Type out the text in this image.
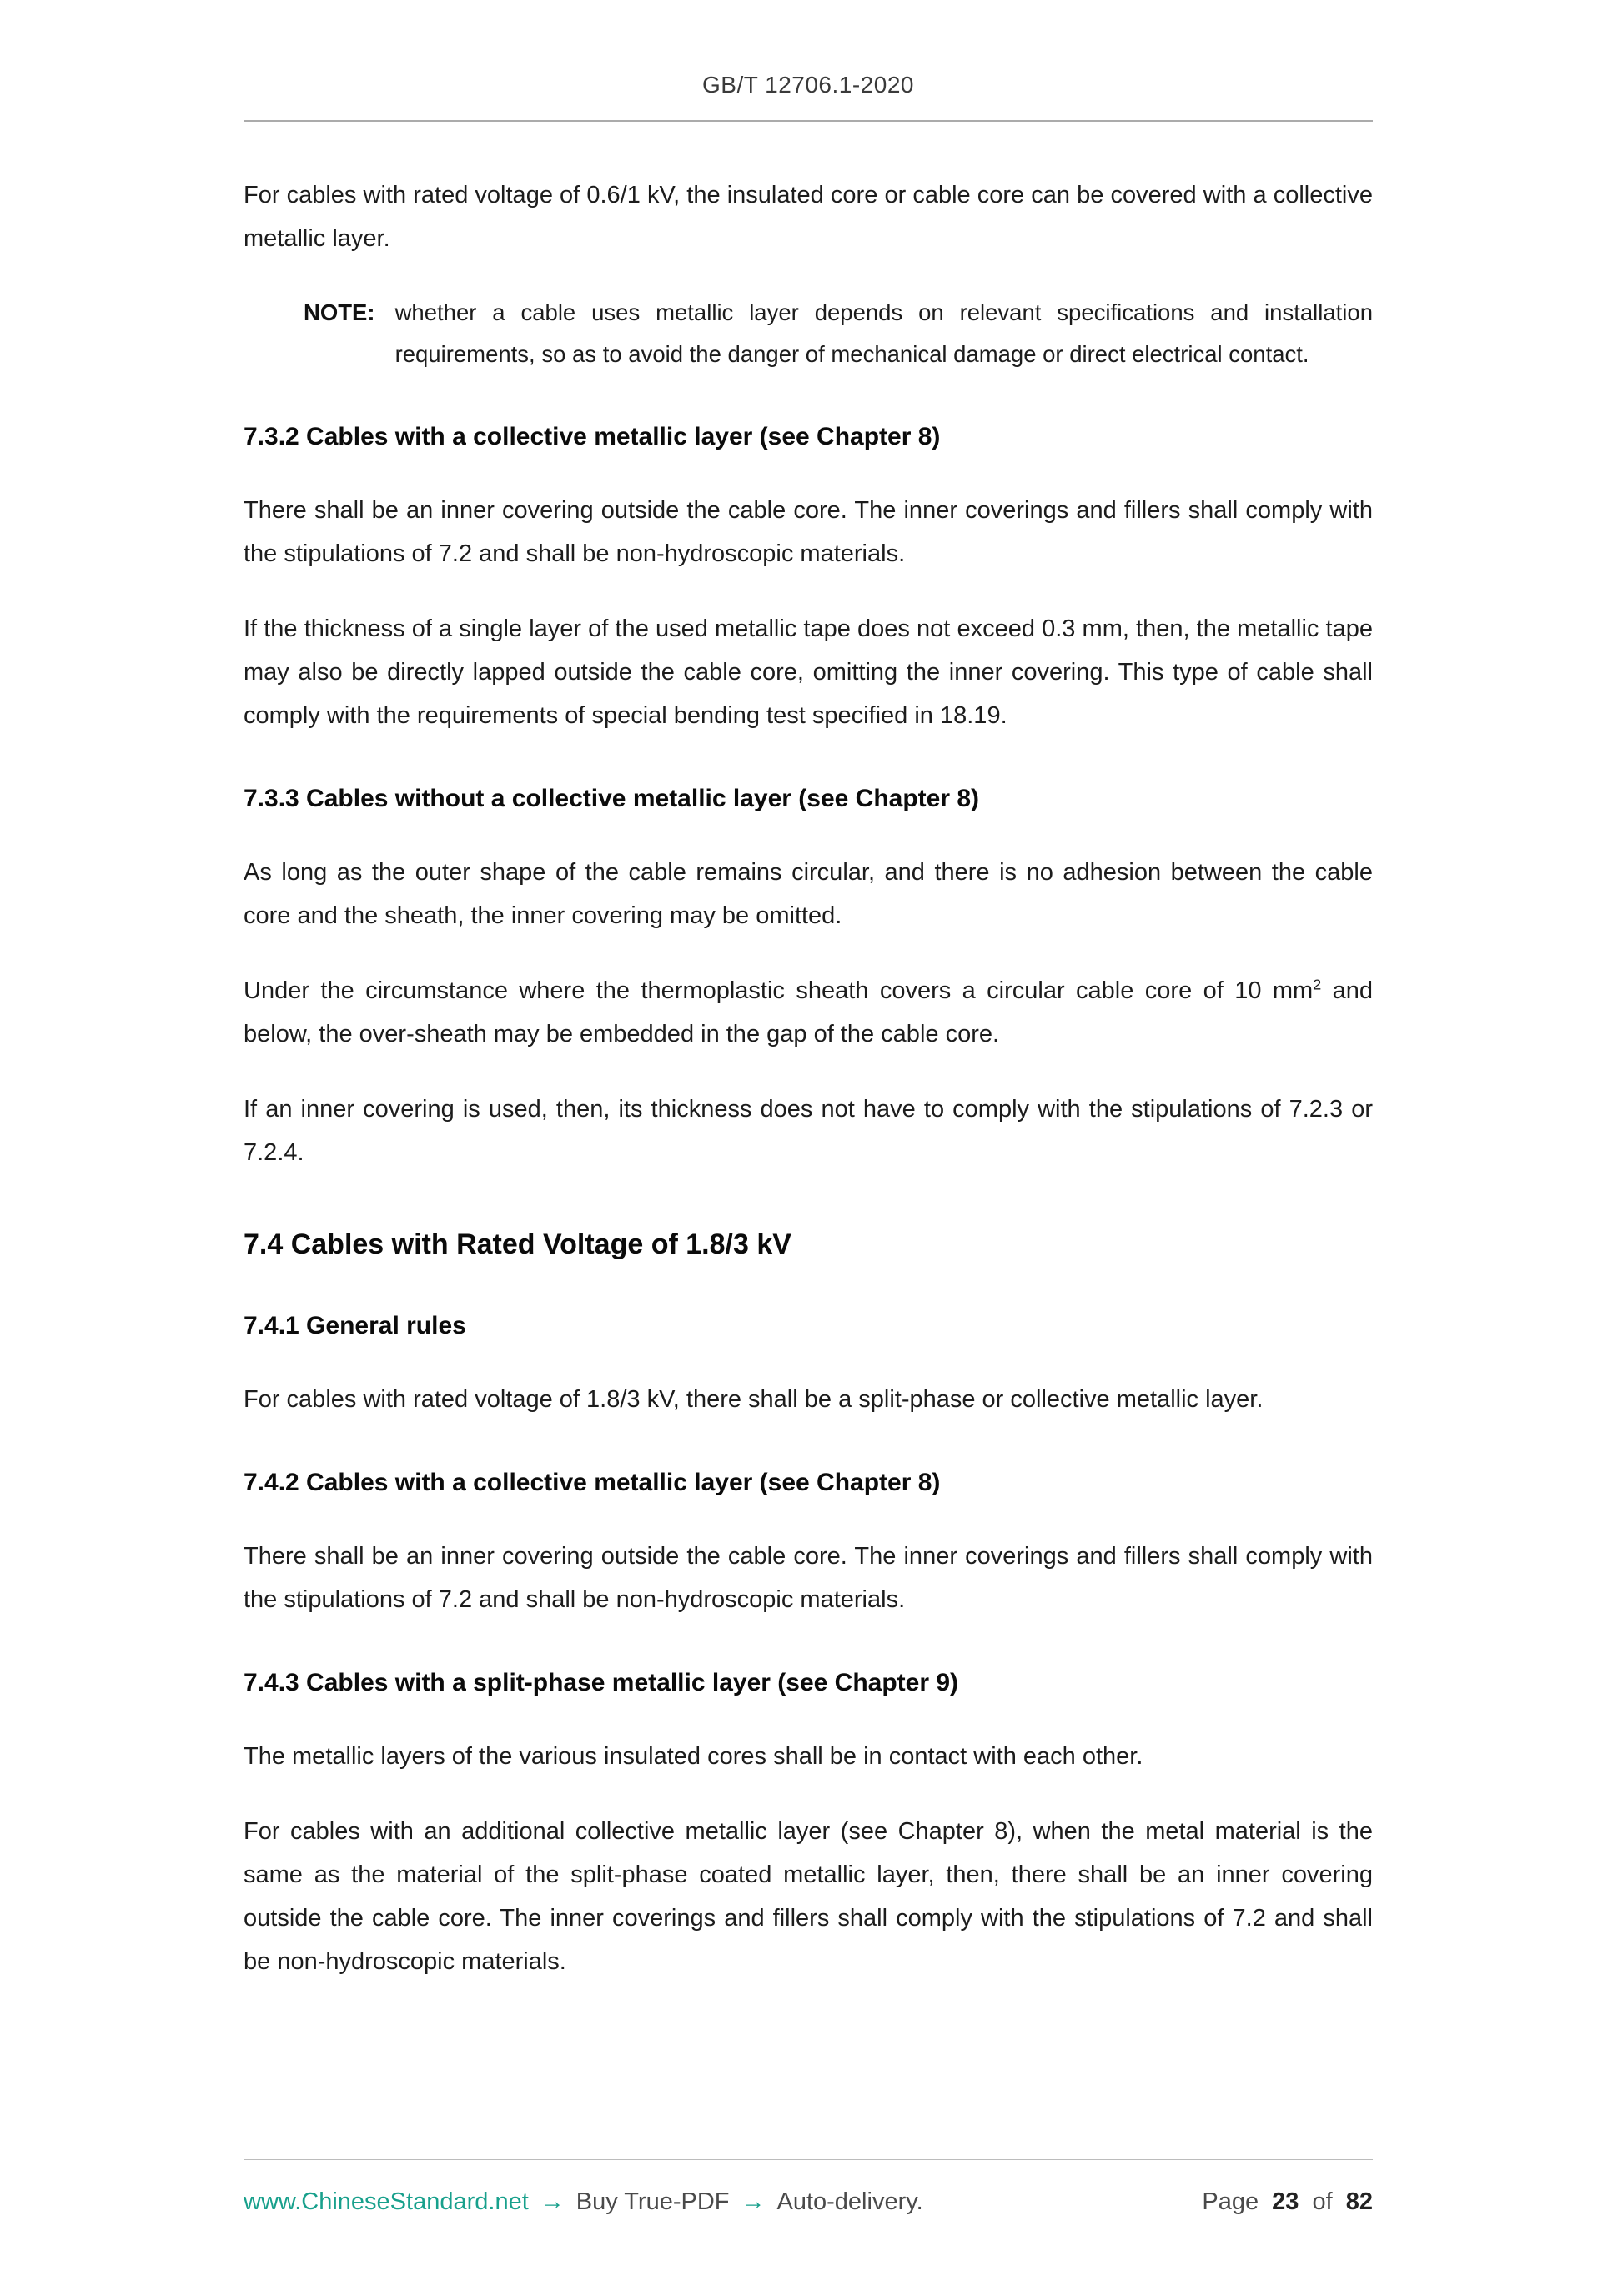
GB/T 12706.1-2020

For cables with rated voltage of 0.6/1 kV, the insulated core or cable core can be covered with a collective metallic layer.

NOTE: whether a cable uses metallic layer depends on relevant specifications and installation requirements, so as to avoid the danger of mechanical damage or direct electrical contact.
7.3.2 Cables with a collective metallic layer (see Chapter 8)

There shall be an inner covering outside the cable core. The inner coverings and fillers shall comply with the stipulations of 7.2 and shall be non-hydroscopic materials.

If the thickness of a single layer of the used metallic tape does not exceed 0.3 mm, then, the metallic tape may also be directly lapped outside the cable core, omitting the inner covering. This type of cable shall comply with the requirements of special bending test specified in 18.19.

7.3.3 Cables without a collective metallic layer (see Chapter 8)

As long as the outer shape of the cable remains circular, and there is no adhesion between the cable core and the sheath, the inner covering may be omitted.

Under the circumstance where the thermoplastic sheath covers a circular cable core of 10 $mm^2$ and below, the over-sheath may be embedded in the gap of the cable core.

If an inner covering is used, then, its thickness does not have to comply with the stipulations of 7.2.3 or 7.2.4.

7.4 Cables with Rated Voltage of 1.8/3 kV
7.4.1 General rules

For cables with rated voltage of 1.8/3 kV, there shall be a split-phase or collective metallic layer.

7.4.2 Cables with a collective metallic layer (see Chapter 8)

There shall be an inner covering outside the cable core. The inner coverings and fillers shall comply with the stipulations of 7.2 and shall be non-hydroscopic materials.

7.4.3 Cables with a split-phase metallic layer (see Chapter 9)

The metallic layers of the various insulated cores shall be in contact with each other.

For cables with an additional collective metallic layer (see Chapter 8), when the metal material is the same as the material of the split-phase coated metallic layer, then, there shall be an inner covering outside the cable core. The inner coverings and fillers shall comply with the stipulations of 7.2 and shall be non-hydroscopic materials.

www.ChineseStandard.net → Buy True-PDF → Auto-delivery.	Page 23 of 82
